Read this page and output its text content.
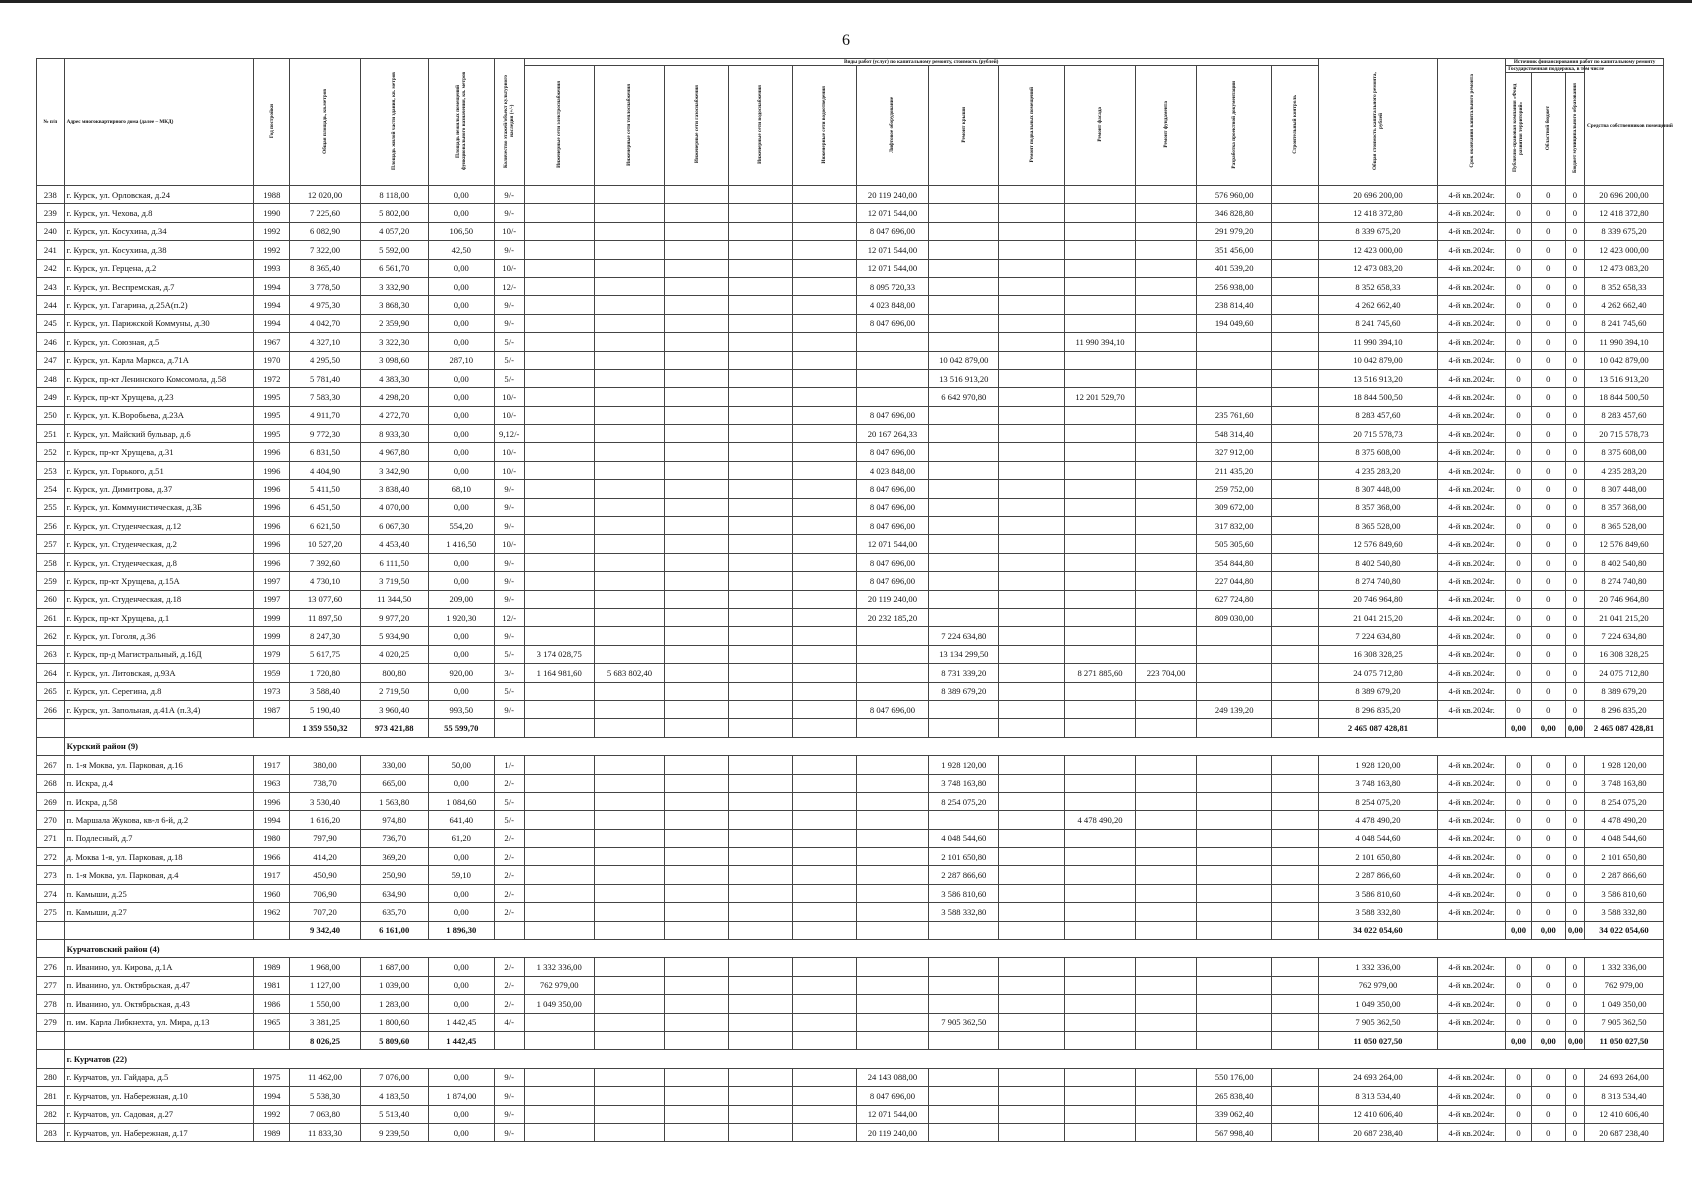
6
№ п/п	Адрес многоквартирного дома (далее – МКД)	Год постройки	Общая площадь, кв.метров	Площадь жилой части здания, кв. метров	Площадь нежилых помещений функционального назначения, кв. метров	Количество этажей/объект культурного наследия (+/-)	Виды работ (услуг) по капитальному ремонту, стоимость (рублей)												Общая стоимость капитального ремонта, рублей	Срок окончания капитального ремонта	Источник финансирования работ по капитальному ремонту			
							Инженерные сети электроснабжения	Инженерные сети теплоснабжения	Инженерные сети газоснабжения	Инженерные сети водоснабжения	Инженерные сети водоотведения	Лифтовое оборудование	Ремонт крыши	Ремонт подвальных помещений	Ремонт фасада	Ремонт фундамента	Разработка проектной документации	Строительный контроль			Государственная поддержка, в том числе			Средства собственников помещений
																					Публично-правовая компания «Фонд развития территорий»	Областной бюджет	Бюджет муниципального образования	
238	г. Курск, ул. Орловская, д.24	1988	12 020,00	8 118,00	0,00	9/-						20 119 240,00					576 960,00		20 696 200,00	4-й кв.2024г.	0	0	0	20 696 200,00
239	г. Курск, ул. Чехова, д.8	1990	7 225,60	5 802,00	0,00	9/-						12 071 544,00					346 828,80		12 418 372,80	4-й кв.2024г.	0	0	0	12 418 372,80
240	г. Курск, ул. Косухина, д.34	1992	6 082,90	4 057,20	106,50	10/-						8 047 696,00					291 979,20		8 339 675,20	4-й кв.2024г.	0	0	0	8 339 675,20
241	г. Курск, ул. Косухина, д.38	1992	7 322,00	5 592,00	42,50	9/-						12 071 544,00					351 456,00		12 423 000,00	4-й кв.2024г.	0	0	0	12 423 000,00
242	г. Курск, ул. Герцена, д.2	1993	8 365,40	6 561,70	0,00	10/-						12 071 544,00					401 539,20		12 473 083,20	4-й кв.2024г.	0	0	0	12 473 083,20
243	г. Курск, ул. Веспремская, д.7	1994	3 778,50	3 332,90	0,00	12/-						8 095 720,33					256 938,00		8 352 658,33	4-й кв.2024г.	0	0	0	8 352 658,33
244	г. Курск, ул. Гагарина, д.25А(п.2)	1994	4 975,30	3 868,30	0,00	9/-						4 023 848,00					238 814,40		4 262 662,40	4-й кв.2024г.	0	0	0	4 262 662,40
245	г. Курск, ул. Парижской Коммуны, д.30	1994	4 042,70	2 359,90	0,00	9/-						8 047 696,00					194 049,60		8 241 745,60	4-й кв.2024г.	0	0	0	8 241 745,60
246	г. Курск, ул. Союзная, д.5	1967	4 327,10	3 322,30	0,00	5/-									11 990 394,10				11 990 394,10	4-й кв.2024г.	0	0	0	11 990 394,10
247	г. Курск, ул. Карла Маркса, д.71А	1970	4 295,50	3 098,60	287,10	5/-							10 042 879,00						10 042 879,00	4-й кв.2024г.	0	0	0	10 042 879,00
248	г. Курск, пр-кт Ленинского Комсомола, д.58	1972	5 781,40	4 383,30	0,00	5/-							13 516 913,20						13 516 913,20	4-й кв.2024г.	0	0	0	13 516 913,20
249	г. Курск, пр-кт Хрущева, д.23	1995	7 583,30	4 298,20	0,00	10/-							6 642 970,80		12 201 529,70				18 844 500,50	4-й кв.2024г.	0	0	0	18 844 500,50
250	г. Курск, ул. К.Воробьева, д.23А	1995	4 911,70	4 272,70	0,00	10/-						8 047 696,00					235 761,60		8 283 457,60	4-й кв.2024г.	0	0	0	8 283 457,60
251	г. Курск, ул. Майский бульвар, д.6	1995	9 772,30	8 933,30	0,00	9,12/-						20 167 264,33					548 314,40		20 715 578,73	4-й кв.2024г.	0	0	0	20 715 578,73
252	г. Курск, пр-кт Хрущева, д.31	1996	6 831,50	4 967,80	0,00	10/-						8 047 696,00					327 912,00		8 375 608,00	4-й кв.2024г.	0	0	0	8 375 608,00
253	г. Курск, ул. Горького, д.51	1996	4 404,90	3 342,90	0,00	10/-						4 023 848,00					211 435,20		4 235 283,20	4-й кв.2024г.	0	0	0	4 235 283,20
254	г. Курск, ул. Димитрова, д.37	1996	5 411,50	3 838,40	68,10	9/-						8 047 696,00					259 752,00		8 307 448,00	4-й кв.2024г.	0	0	0	8 307 448,00
255	г. Курск, ул. Коммунистическая, д.3Б	1996	6 451,50	4 070,00	0,00	9/-						8 047 696,00					309 672,00		8 357 368,00	4-й кв.2024г.	0	0	0	8 357 368,00
256	г. Курск, ул. Студенческая, д.12	1996	6 621,50	6 067,30	554,20	9/-						8 047 696,00					317 832,00		8 365 528,00	4-й кв.2024г.	0	0	0	8 365 528,00
257	г. Курск, ул. Студенческая, д.2	1996	10 527,20	4 453,40	1 416,50	10/-						12 071 544,00					505 305,60		12 576 849,60	4-й кв.2024г.	0	0	0	12 576 849,60
258	г. Курск, ул. Студенческая, д.8	1996	7 392,60	6 111,50	0,00	9/-						8 047 696,00					354 844,80		8 402 540,80	4-й кв.2024г.	0	0	0	8 402 540,80
259	г. Курск, пр-кт Хрущева, д.15А	1997	4 730,10	3 719,50	0,00	9/-						8 047 696,00					227 044,80		8 274 740,80	4-й кв.2024г.	0	0	0	8 274 740,80
260	г. Курск, ул. Студенческая, д.18	1997	13 077,60	11 344,50	209,00	9/-						20 119 240,00					627 724,80		20 746 964,80	4-й кв.2024г.	0	0	0	20 746 964,80
261	г. Курск, пр-кт Хрущева, д.1	1999	11 897,50	9 977,20	1 920,30	12/-						20 232 185,20					809 030,00		21 041 215,20	4-й кв.2024г.	0	0	0	21 041 215,20
262	г. Курск, ул. Гоголя, д.36	1999	8 247,30	5 934,90	0,00	9/-							7 224 634,80						7 224 634,80	4-й кв.2024г.	0	0	0	7 224 634,80
263	г. Курск, пр-д Магистральный, д.16Д	1979	5 617,75	4 020,25	0,00	5/-	3 174 028,75						13 134 299,50						16 308 328,25	4-й кв.2024г.	0	0	0	16 308 328,25
264	г. Курск, ул. Литовская, д.93А	1959	1 720,80	800,80	920,00	3/-	1 164 981,60	5 683 802,40					8 731 339,20		8 271 885,60	223 704,00			24 075 712,80	4-й кв.2024г.	0	0	0	24 075 712,80
265	г. Курск, ул. Серегина, д.8	1973	3 588,40	2 719,50	0,00	5/-							8 389 679,20						8 389 679,20	4-й кв.2024г.	0	0	0	8 389 679,20
266	г. Курск, ул. Запольная, д.41А (п.3,4)	1987	5 190,40	3 960,40	993,50	9/-						8 047 696,00					249 139,20		8 296 835,20	4-й кв.2024г.	0	0	0	8 296 835,20
			1 359 550,32	973 421,88	55 599,70														2 465 087 428,81		0,00	0,00	0,00	2 465 087 428,81
	Курский район (9)																							
267	п. 1-я Моква, ул. Парковая, д.16	1917	380,00	330,00	50,00	1/-							1 928 120,00						1 928 120,00	4-й кв.2024г.	0	0	0	1 928 120,00
268	п. Искра, д.4	1963	738,70	665,00	0,00	2/-							3 748 163,80						3 748 163,80	4-й кв.2024г.	0	0	0	3 748 163,80
269	п. Искра, д.58	1996	3 530,40	1 563,80	1 084,60	5/-							8 254 075,20						8 254 075,20	4-й кв.2024г.	0	0	0	8 254 075,20
270	п. Маршала Жукова, кв-л 6-й, д.2	1994	1 616,20	974,80	641,40	5/-									4 478 490,20				4 478 490,20	4-й кв.2024г.	0	0	0	4 478 490,20
271	п. Подлесный, д.7	1980	797,90	736,70	61,20	2/-							4 048 544,60						4 048 544,60	4-й кв.2024г.	0	0	0	4 048 544,60
272	д. Моква 1-я, ул. Парковая, д.18	1966	414,20	369,20	0,00	2/-							2 101 650,80						2 101 650,80	4-й кв.2024г.	0	0	0	2 101 650,80
273	п. 1-я Моква, ул. Парковая, д.4	1917	450,90	250,90	59,10	2/-							2 287 866,60						2 287 866,60	4-й кв.2024г.	0	0	0	2 287 866,60
274	п. Камыши, д.25	1960	706,90	634,90	0,00	2/-							3 586 810,60						3 586 810,60	4-й кв.2024г.	0	0	0	3 586 810,60
275	п. Камыши, д.27	1962	707,20	635,70	0,00	2/-							3 588 332,80						3 588 332,80	4-й кв.2024г.	0	0	0	3 588 332,80
			9 342,40	6 161,00	1 896,30														34 022 054,60		0,00	0,00	0,00	34 022 054,60
	Курчатовский район (4)																							
276	п. Иванино, ул. Кирова, д.1А	1989	1 968,00	1 687,00	0,00	2/-	1 332 336,00												1 332 336,00	4-й кв.2024г.	0	0	0	1 332 336,00
277	п. Иванино, ул. Октябрьская, д.47	1981	1 127,00	1 039,00	0,00	2/-	762 979,00												762 979,00	4-й кв.2024г.	0	0	0	762 979,00
278	п. Иванино, ул. Октябрьская, д.43	1986	1 550,00	1 283,00	0,00	2/-	1 049 350,00												1 049 350,00	4-й кв.2024г.	0	0	0	1 049 350,00
279	п. им. Карла Либкнехта, ул. Мира, д.13	1965	3 381,25	1 800,60	1 442,45	4/-							7 905 362,50						7 905 362,50	4-й кв.2024г.	0	0	0	7 905 362,50
			8 026,25	5 809,60	1 442,45														11 050 027,50		0,00	0,00	0,00	11 050 027,50
	г. Курчатов (22)																							
280	г. Курчатов, ул. Гайдара, д.5	1975	11 462,00	7 076,00	0,00	9/-						24 143 088,00					550 176,00		24 693 264,00	4-й кв.2024г.	0	0	0	24 693 264,00
281	г. Курчатов, ул. Набережная, д.10	1994	5 538,30	4 183,50	1 874,00	9/-						8 047 696,00					265 838,40		8 313 534,40	4-й кв.2024г.	0	0	0	8 313 534,40
282	г. Курчатов, ул. Садовая, д.27	1992	7 063,80	5 513,40	0,00	9/-						12 071 544,00					339 062,40		12 410 606,40	4-й кв.2024г.	0	0	0	12 410 606,40
283	г. Курчатов, ул. Набережная, д.17	1989	11 833,30	9 239,50	0,00	9/-						20 119 240,00					567 998,40		20 687 238,40	4-й кв.2024г.	0	0	0	20 687 238,40
